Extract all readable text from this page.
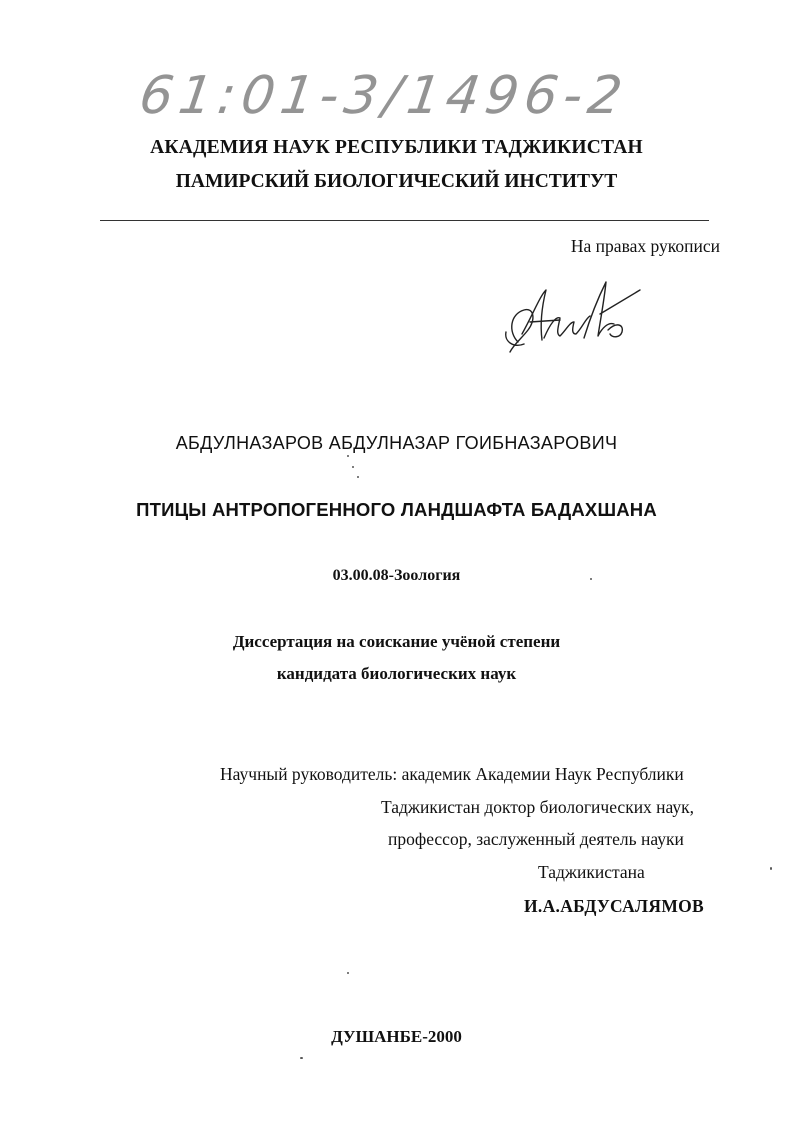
61:01-3/1496-2
АКАДЕМИЯ НАУК РЕСПУБЛИКИ ТАДЖИКИСТАН
ПАМИРСКИЙ БИОЛОГИЧЕСКИЙ ИНСТИТУТ
На правах рукописи
АБДУЛНАЗАРОВ АБДУЛНАЗАР ГОИБНАЗАРОВИЧ
ПТИЦЫ АНТРОПОГЕННОГО ЛАНДШАФТА БАДАХШАНА
03.00.08-Зоология
Диссертация на соискание учёной степени
кандидата биологических наук
Научный руководитель: академик Академии Наук Республики
Таджикистан доктор биологических наук,
профессор, заслуженный деятель науки
Таджикистана
И.А.АБДУСАЛЯМОВ
ДУШАНБЕ-2000
